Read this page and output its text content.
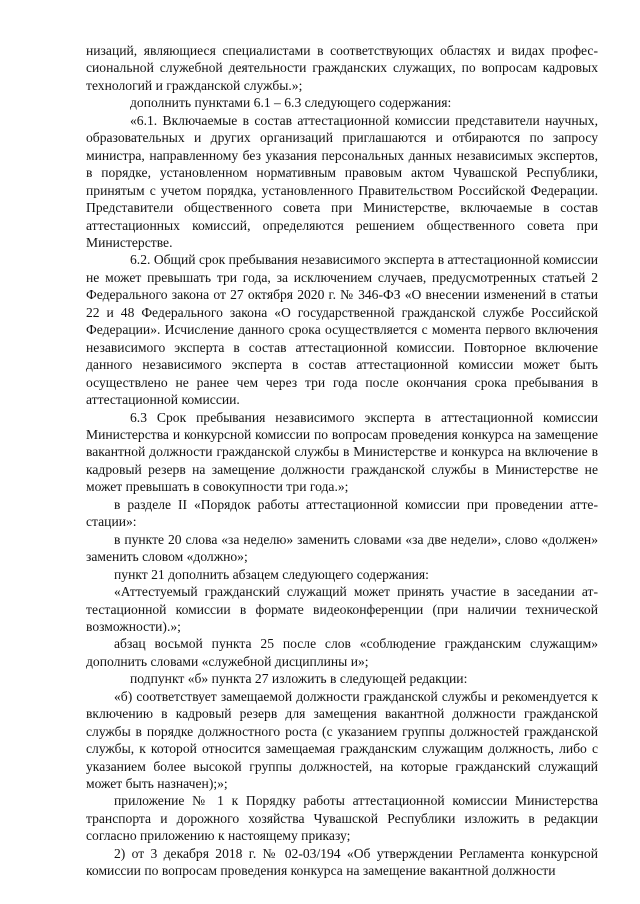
низаций, являющиеся специалистами в соответствующих областях и видах профессиональной служебной деятельности гражданских служащих, по вопросам кадровых технологий и гражданской службы.»;

дополнить пунктами 6.1 – 6.3 следующего содержания:

«6.1. Включаемые в состав аттестационной комиссии представители научных, образовательных и других организаций приглашаются и отбираются по запросу министра, направленному без указания персональных данных независимых экспертов, в порядке, установленном нормативным правовым актом Чувашской Республики, принятым с учетом порядка, установленного Правительством Российской Федерации. Представители общественного совета при Министерстве, включаемые в состав аттестационных комиссий, определяются решением общественного совета при Министерстве.

6.2. Общий срок пребывания независимого эксперта в аттестационной комиссии не может превышать три года, за исключением случаев, предусмотренных статьей 2 Федерального закона от 27 октября 2020 г. № 346-ФЗ «О внесении изменений в статьи 22 и 48 Федерального закона «О государственной гражданской службе Российской Федерации». Исчисление данного срока осуществляется с момента первого включения независимого эксперта в состав аттестационной комиссии. Повторное включение данного независимого эксперта в состав аттестационной комиссии может быть осуществлено не ранее чем через три года после окончания срока пребывания в аттестационной комиссии.

6.3 Срок пребывания независимого эксперта в аттестационной комиссии Министерства и конкурсной комиссии по вопросам проведения конкурса на замещение вакантной должности гражданской службы в Министерстве и конкурса на включение в кадровый резерв на замещение должности гражданской службы в Министерстве не может превышать в совокупности три года.»;

в разделе II «Порядок работы аттестационной комиссии при проведении аттестации»:

в пункте 20 слова «за неделю» заменить словами «за две недели», слово «должен» заменить словом «должно»;

пункт 21 дополнить абзацем следующего содержания:

«Аттестуемый гражданский служащий может принять участие в заседании аттестационной комиссии в формате видеоконференции (при наличии технической возможности).»;

абзац восьмой пункта 25 после слов «соблюдение гражданским служащим» дополнить словами «служебной дисциплины и»;

подпункт «б» пункта 27 изложить в следующей редакции:

«б) соответствует замещаемой должности гражданской службы и рекомендуется к включению в кадровый резерв для замещения вакантной должности гражданской службы в порядке должностного роста (с указанием группы должностей гражданской службы, к которой относится замещаемая гражданским служащим должность, либо с указанием более высокой группы должностей, на которые гражданский служащий может быть назначен);»;

приложение № 1 к Порядку работы аттестационной комиссии Министерства транспорта и дорожного хозяйства Чувашской Республики изложить в редакции согласно приложению к настоящему приказу;

2) от 3 декабря 2018 г. № 02-03/194 «Об утверждении Регламента конкурсной комиссии по вопросам проведения конкурса на замещение вакантной должности
